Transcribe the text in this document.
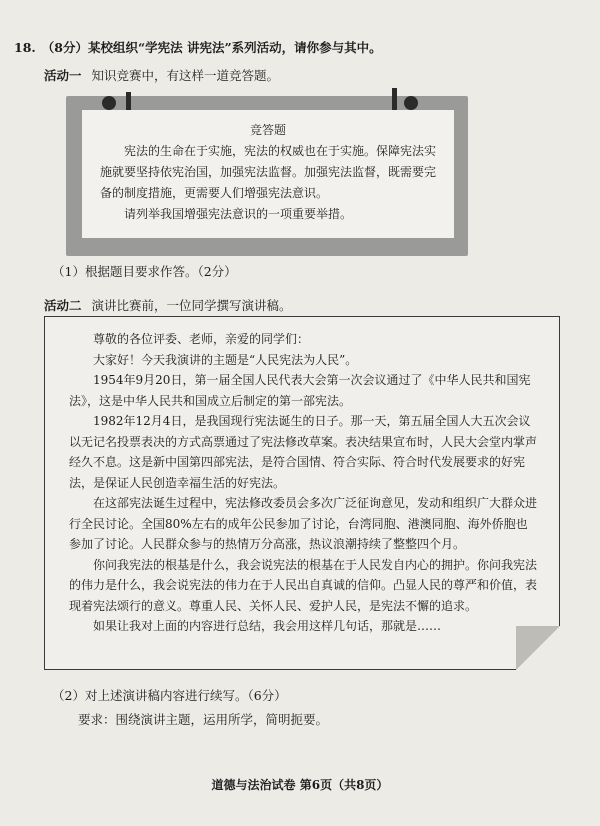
18. （8分）某校组织“学宪法 讲宪法”系列活动，请你参与其中。
活动一 知识竞赛中，有这样一道竞答题。
竞答题

宪法的生命在于实施，宪法的权威也在于实施。保障宪法实施就要坚持依宪治国，加强宪法监督。加强宪法监督，既需要完备的制度措施，更需要人们增强宪法意识。

请列举我国增强宪法意识的一项重要举措。

（1）根据题目要求作答。（2分）
活动二 演讲比赛前，一位同学撰写演讲稿。

尊敬的各位评委、老师，亲爱的同学们：

大家好！今天我演讲的主题是“人民宪法为人民”。

1954年9月20日，第一届全国人民代表大会第一次会议通过了《中华人民共和国宪法》，这是中华人民共和国成立后制定的第一部宪法。

1982年12月4日，是我国现行宪法诞生的日子。那一天，第五届全国人大五次会议以无记名投票表决的方式高票通过了宪法修改草案。表决结果宣布时，人民大会堂内掌声经久不息。这是新中国第四部宪法，是符合国情、符合实际、符合时代发展要求的好宪法，是保证人民创造幸福生活的好宪法。

在这部宪法诞生过程中，宪法修改委员会多次广泛征询意见，发动和组织广大群众进行全民讨论。全国80%左右的成年公民参加了讨论，台湾同胞、港澳同胞、海外侨胞也参加了讨论。人民群众参与的热情万分高涨，热议浪潮持续了整整四个月。

你问我宪法的根基是什么，我会说宪法的根基在于人民发自内心的拥护。你问我宪法的伟力是什么，我会说宪法的伟力在于人民出自真诚的信仰。凸显人民的尊严和价值，表现着宪法颂行的意义。尊重人民、关怀人民、爱护人民，是宪法不懈的追求。

如果让我对上面的内容进行总结，我会用这样几句话，那就是……

（2）对上述演讲稿内容进行续写。（6分）
要求：围绕演讲主题，运用所学，简明扼要。
道德与法治试卷 第6页（共8页）
